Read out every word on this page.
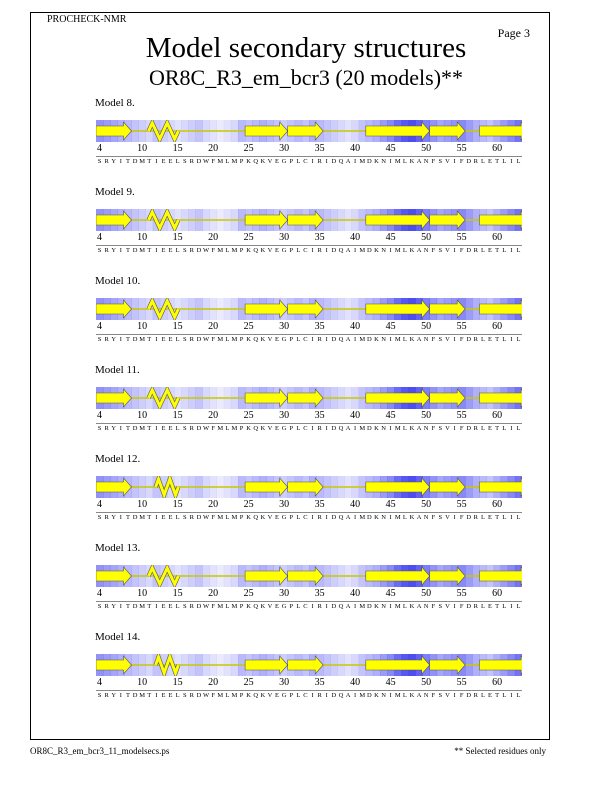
PROCHECK-NMR
Page 3
Model secondary structures
OR8C_R3_em_bcr3 (20 models)**
Model 8.
4	10	15	20	25	30	35	40	45	50	55	60
S R Y I T D M T I E E L S R D W F M L M P K Q K V E G P L C I R I D Q A I M D K N I M L K A N F S V I F D R L E T L I L
Model 9.
4	10	15	20	25	30	35	40	45	50	55	60
S R Y I T D M T I E E L S R D W F M L M P K Q K V E G P L C I R I D Q A I M D K N I M L K A N F S V I F D R L E T L I L
Model 10.
4	10	15	20	25	30	35	40	45	50	55	60
S R Y I T D M T I E E L S R D W F M L M P K Q K V E G P L C I R I D Q A I M D K N I M L K A N F S V I F D R L E T L I L
Model 11.
4	10	15	20	25	30	35	40	45	50	55	60
S R Y I T D M T I E E L S R D W F M L M P K Q K V E G P L C I R I D Q A I M D K N I M L K A N F S V I F D R L E T L I L
Model 12.
4	10	15	20	25	30	35	40	45	50	55	60
S R Y I T D M T I E E L S R D W F M L M P K Q K V E G P L C I R I D Q A I M D K N I M L K A N F S V I F D R L E T L I L
Model 13.
4	10	15	20	25	30	35	40	45	50	55	60
S R Y I T D M T I E E L S R D W F M L M P K Q K V E G P L C I R I D Q A I M D K N I M L K A N F S V I F D R L E T L I L
Model 14.
4	10	15	20	25	30	35	40	45	50	55	60
S R Y I T D M T I E E L S R D W F M L M P K Q K V E G P L C I R I D Q A I M D K N I M L K A N F S V I F D R L E T L I L
OR8C_R3_em_bcr3_11_modelsecs.ps	** Selected residues only
